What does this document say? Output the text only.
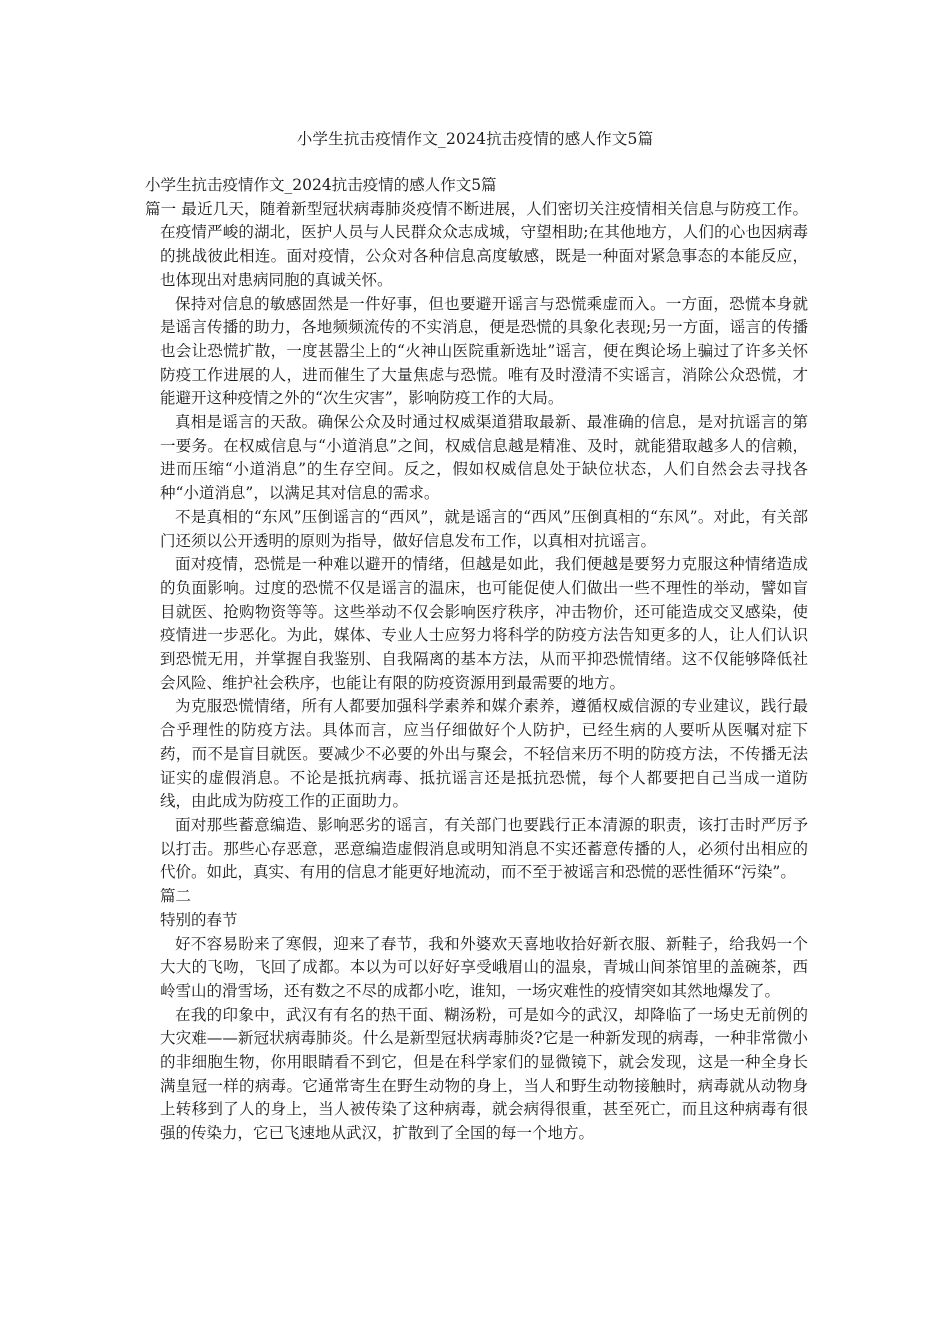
小学生抗击疫情作文_2024抗击疫情的感人作文5篇

小学生抗击疫情作文_2024抗击疫情的感人作文5篇

篇一 最近几天，随着新型冠状病毒肺炎疫情不断进展，人们密切关注疫情相关信息与防疫工作。在疫情严峻的湖北，医护人员与人民群众众志成城，守望相助;在其他地方，人们的心也因病毒的挑战彼此相连。面对疫情，公众对各种信息高度敏感，既是一种面对紧急事态的本能反应，也体现出对患病同胞的真诚关怀。

保持对信息的敏感固然是一件好事，但也要避开谣言与恐慌乘虚而入。一方面，恐慌本身就是谣言传播的助力，各地频频流传的不实消息，便是恐慌的具象化表现;另一方面，谣言的传播也会让恐慌扩散，一度甚嚣尘上的“火神山医院重新选址”谣言，便在舆论场上骗过了许多关怀防疫工作进展的人，进而催生了大量焦虑与恐慌。唯有及时澄清不实谣言，消除公众恐慌，才能避开这种疫情之外的“次生灾害”，影响防疫工作的大局。

真相是谣言的天敌。确保公众及时通过权威渠道猎取最新、最准确的信息，是对抗谣言的第一要务。在权威信息与“小道消息”之间，权威信息越是精准、及时，就能猎取越多人的信赖，进而压缩“小道消息”的生存空间。反之，假如权威信息处于缺位状态，人们自然会去寻找各种“小道消息”，以满足其对信息的需求。

不是真相的“东风”压倒谣言的“西风”，就是谣言的“西风”压倒真相的“东风”。对此，有关部门还须以公开透明的原则为指导，做好信息发布工作，以真相对抗谣言。

面对疫情，恐慌是一种难以避开的情绪，但越是如此，我们便越是要努力克服这种情绪造成的负面影响。过度的恐慌不仅是谣言的温床，也可能促使人们做出一些不理性的举动，譬如盲目就医、抢购物资等等。这些举动不仅会影响医疗秩序，冲击物价，还可能造成交叉感染，使疫情进一步恶化。为此，媒体、专业人士应努力将科学的防疫方法告知更多的人，让人们认识到恐慌无用，并掌握自我鉴别、自我隔离的基本方法，从而平抑恐慌情绪。这不仅能够降低社会风险、维护社会秩序，也能让有限的防疫资源用到最需要的地方。

为克服恐慌情绪，所有人都要加强科学素养和媒介素养，遵循权威信源的专业建议，践行最合乎理性的防疫方法。具体而言，应当仔细做好个人防护，已经生病的人要听从医嘱对症下药，而不是盲目就医。要减少不必要的外出与聚会，不轻信来历不明的防疫方法，不传播无法证实的虚假消息。不论是抵抗病毒、抵抗谣言还是抵抗恐慌，每个人都要把自己当成一道防线，由此成为防疫工作的正面助力。

面对那些蓄意编造、影响恶劣的谣言，有关部门也要践行正本清源的职责，该打击时严厉予以打击。那些心存恶意，恶意编造虚假消息或明知消息不实还蓄意传播的人，必须付出相应的代价。如此，真实、有用的信息才能更好地流动，而不至于被谣言和恐慌的恶性循环“污染”。

篇二

特别的春节

好不容易盼来了寒假，迎来了春节，我和外婆欢天喜地收拾好新衣服、新鞋子，给我妈一个大大的飞吻，飞回了成都。本以为可以好好享受峨眉山的温泉，青城山间茶馆里的盖碗茶，西岭雪山的滑雪场，还有数之不尽的成都小吃，谁知，一场灾难性的疫情突如其然地爆发了。

在我的印象中，武汉有有名的热干面、糊汤粉，可是如今的武汉，却降临了一场史无前例的大灾难——新冠状病毒肺炎。什么是新型冠状病毒肺炎?它是一种新发现的病毒，一种非常微小的非细胞生物，你用眼睛看不到它，但是在科学家们的显微镜下，就会发现，这是一种全身长满皇冠一样的病毒。它通常寄生在野生动物的身上，当人和野生动物接触时，病毒就从动物身上转移到了人的身上，当人被传染了这种病毒，就会病得很重，甚至死亡，而且这种病毒有很强的传染力，它已飞速地从武汉，扩散到了全国的每一个地方。
